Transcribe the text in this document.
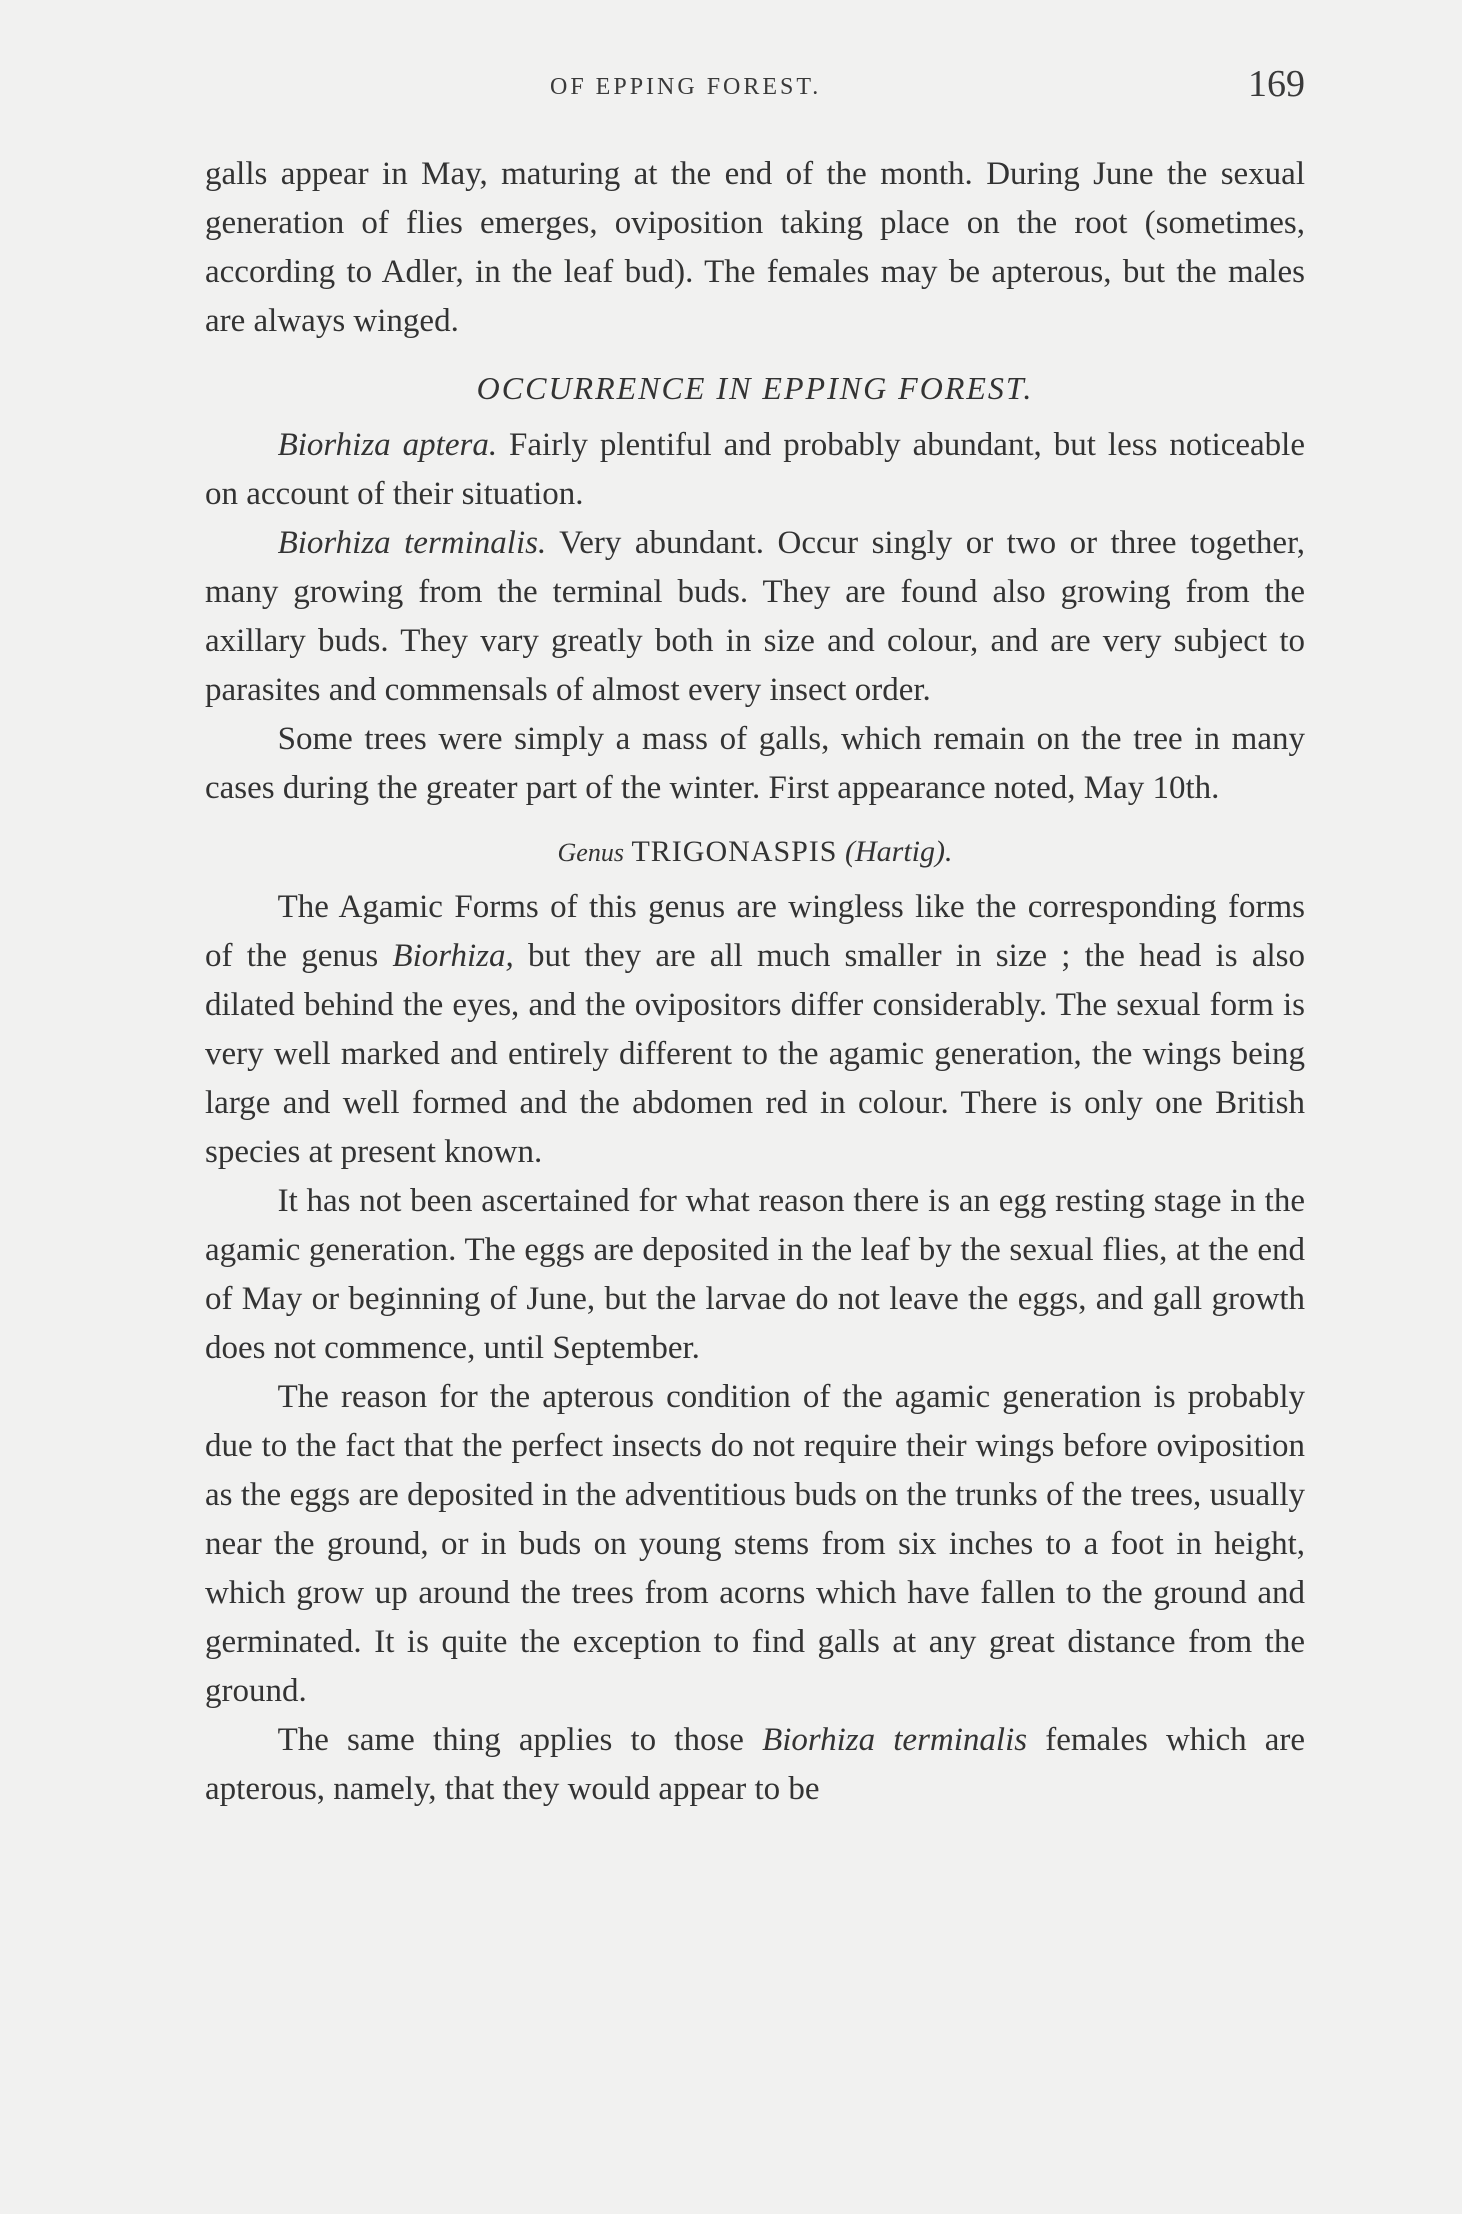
OF EPPING FOREST.	169

galls appear in May, maturing at the end of the month. During June the sexual generation of flies emerges, oviposition taking place on the root (sometimes, according to Adler, in the leaf bud). The females may be apterous, but the males are always winged.

OCCURRENCE IN EPPING FOREST.

Biorhiza aptera. Fairly plentiful and probably abundant, but less noticeable on account of their situation.

Biorhiza terminalis. Very abundant. Occur singly or two or three together, many growing from the terminal buds. They are found also growing from the axillary buds. They vary greatly both in size and colour, and are very subject to parasites and commensals of almost every insect order.

Some trees were simply a mass of galls, which remain on the tree in many cases during the greater part of the winter. First appearance noted, May 10th.

Genus TRIGONASPIS (Hartig).

The Agamic Forms of this genus are wingless like the corresponding forms of the genus Biorhiza, but they are all much smaller in size ; the head is also dilated behind the eyes, and the ovipositors differ considerably. The sexual form is very well marked and entirely different to the agamic generation, the wings being large and well formed and the abdomen red in colour. There is only one British species at present known.

It has not been ascertained for what reason there is an egg resting stage in the agamic generation. The eggs are deposited in the leaf by the sexual flies, at the end of May or beginning of June, but the larvae do not leave the eggs, and gall growth does not commence, until September.

The reason for the apterous condition of the agamic generation is probably due to the fact that the perfect insects do not require their wings before oviposition as the eggs are deposited in the adventitious buds on the trunks of the trees, usually near the ground, or in buds on young stems from six inches to a foot in height, which grow up around the trees from acorns which have fallen to the ground and germinated. It is quite the exception to find galls at any great distance from the ground.

The same thing applies to those Biorhiza terminalis females which are apterous, namely, that they would appear to be
